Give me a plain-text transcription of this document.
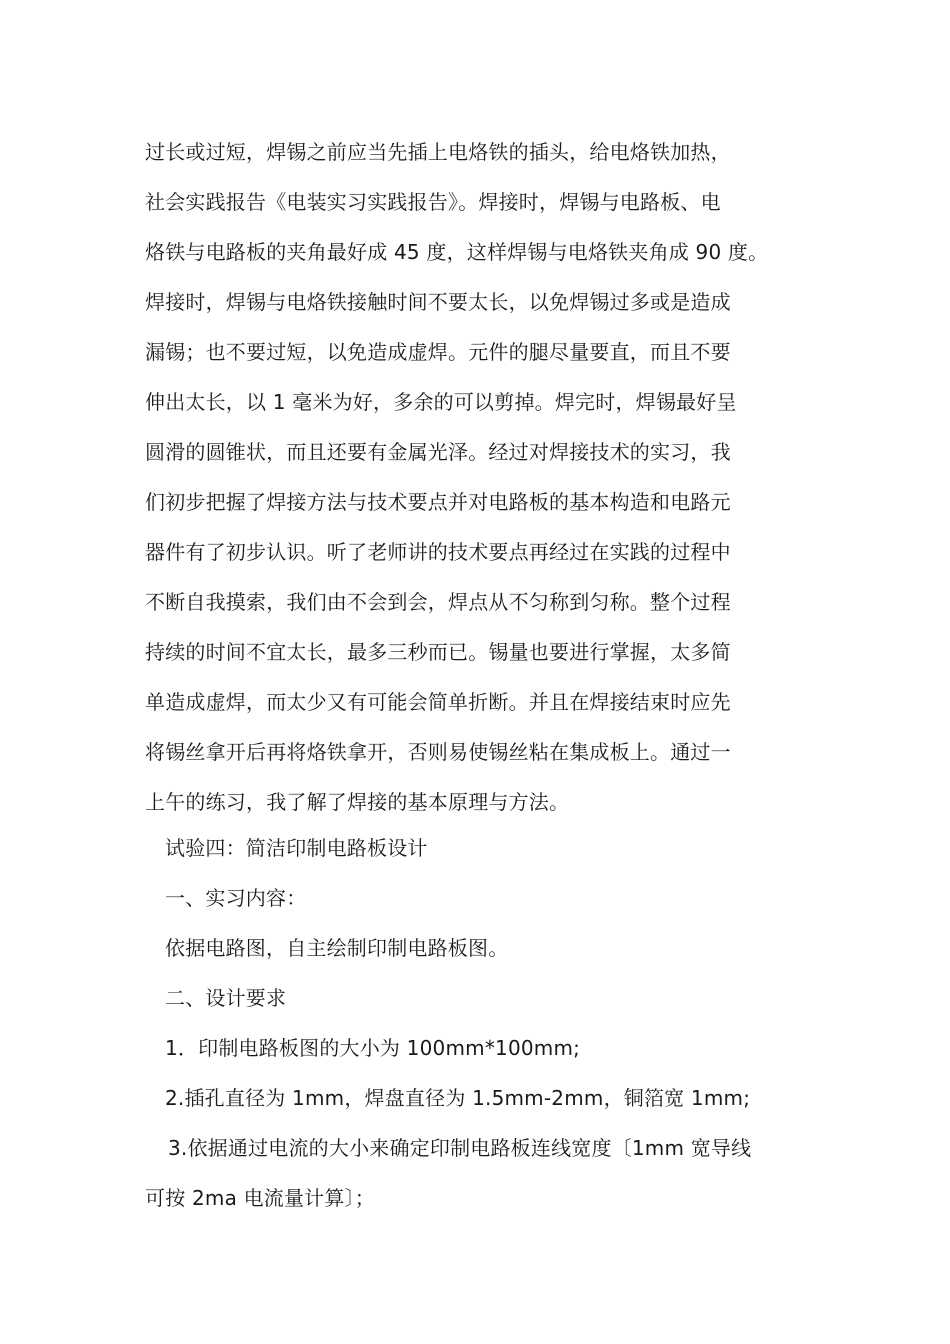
过长或过短，焊锡之前应当先插上电烙铁的插头，给电烙铁加热，
社会实践报告《电装实习实践报告》。焊接时，焊锡与电路板、电
烙铁与电路板的夹角最好成 45 度，这样焊锡与电烙铁夹角成 90 度。
焊接时，焊锡与电烙铁接触时间不要太长，以免焊锡过多或是造成
漏锡；也不要过短，以免造成虚焊。元件的腿尽量要直，而且不要
伸出太长，以 1 毫米为好，多余的可以剪掉。焊完时，焊锡最好呈
圆滑的圆锥状，而且还要有金属光泽。经过对焊接技术的实习，我
们初步把握了焊接方法与技术要点并对电路板的基本构造和电路元
器件有了初步认识。听了老师讲的技术要点再经过在实践的过程中
不断自我摸索，我们由不会到会，焊点从不匀称到匀称。整个过程
持续的时间不宜太长，最多三秒而已。锡量也要进行掌握，太多简
单造成虚焊，而太少又有可能会简单折断。并且在焊接结束时应先
将锡丝拿开后再将烙铁拿开，否则易使锡丝粘在集成板上。通过一
上午的练习，我了解了焊接的基本原理与方法。
试验四：简洁印制电路板设计
一、实习内容：
依据电路图，自主绘制印制电路板图。
二、设计要求
1．印制电路板图的大小为 100mm*100mm;
2.插孔直径为 1mm，焊盘直径为 1.5mm-2mm，铜箔宽 1mm;
3.依据通过电流的大小来确定印制电路板连线宽度〔1mm 宽导线
可按 2ma 电流量计算〕；
